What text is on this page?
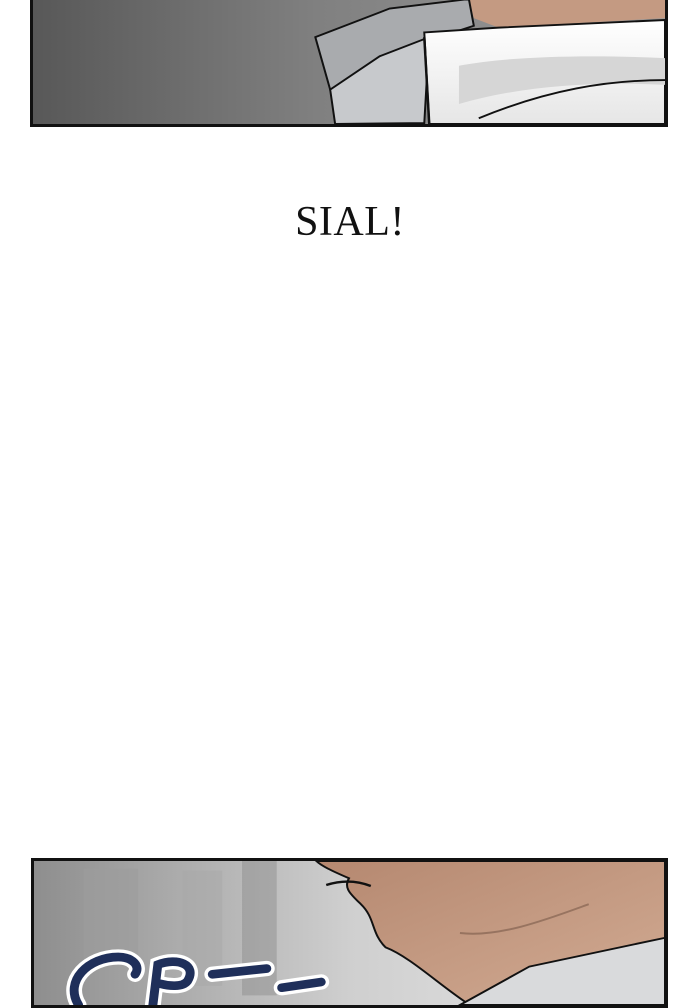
SIAL!
